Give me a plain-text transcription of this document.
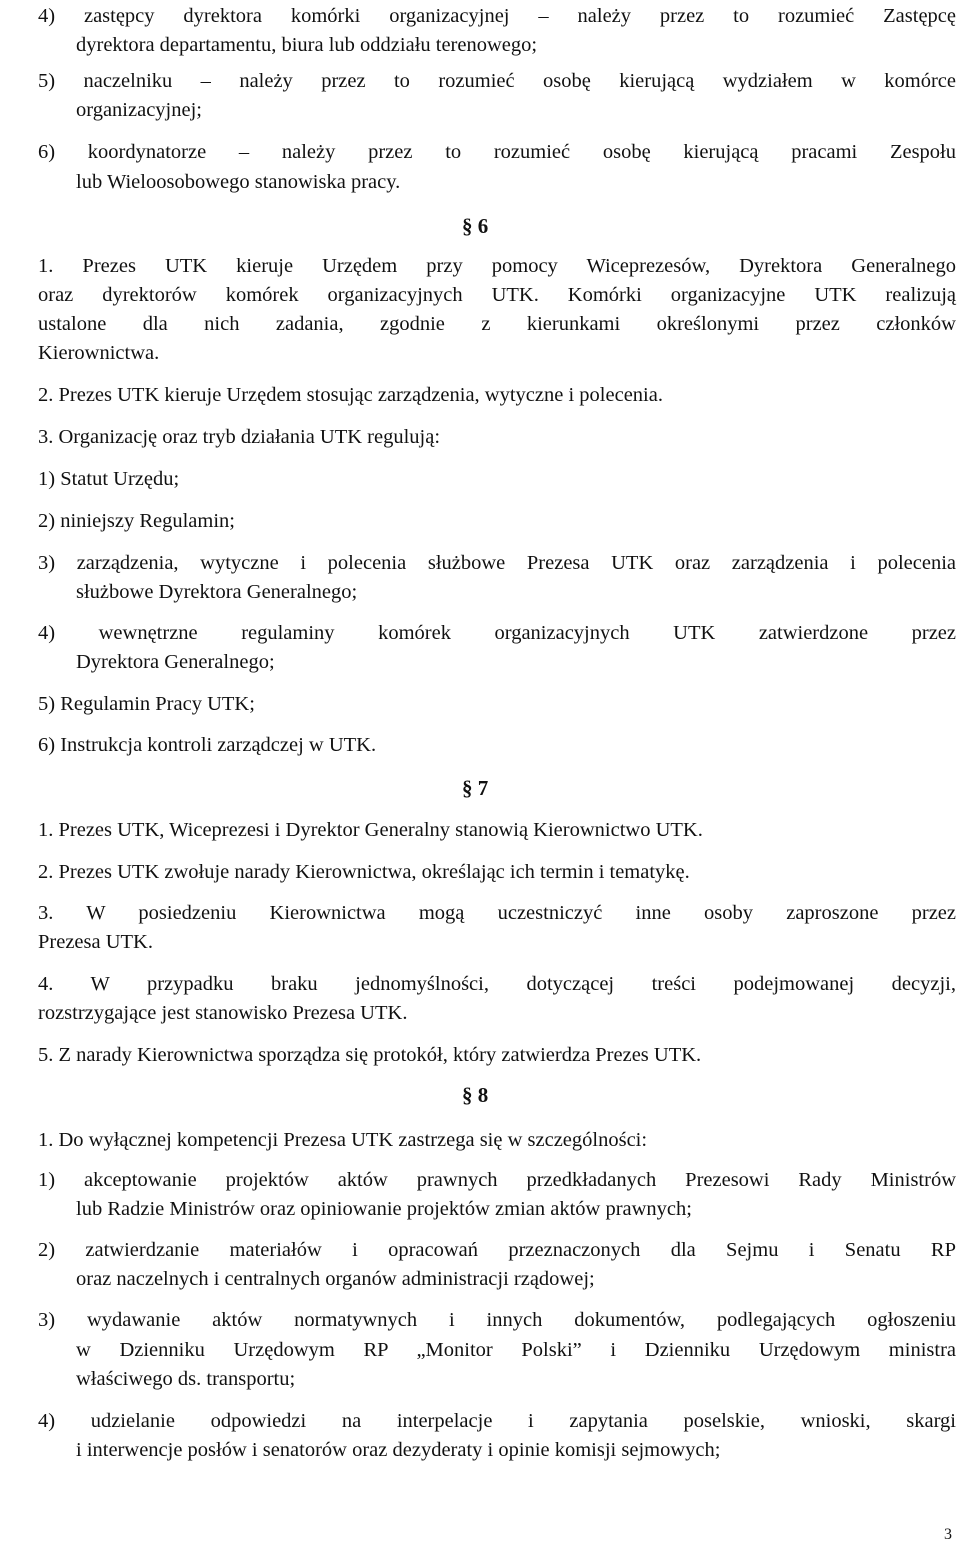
4) zastępcy dyrektora komórki organizacyjnej – należy przez to rozumieć Zastępcę
dyrektora departamentu, biura lub oddziału terenowego;
5) naczelniku – należy przez to rozumieć osobę kierującą wydziałem w komórce
organizacyjnej;
6) koordynatorze – należy przez to rozumieć osobę kierującą pracami Zespołu
lub Wieloosobowego stanowiska pracy.
1. Prezes UTK kieruje Urzędem przy pomocy Wiceprezesów, Dyrektora Generalnego
oraz dyrektorów komórek organizacyjnych UTK. Komórki organizacyjne UTK realizują
ustalone dla nich zadania, zgodnie z kierunkami określonymi przez członków
Kierownictwa.
2. Prezes UTK kieruje Urzędem stosując zarządzenia, wytyczne i polecenia.
3. Organizację oraz tryb działania UTK regulują:
1) Statut Urzędu;
2) niniejszy Regulamin;
3) zarządzenia, wytyczne i polecenia służbowe Prezesa UTK oraz zarządzenia i polecenia
służbowe Dyrektora Generalnego;
4) wewnętrzne regulaminy komórek organizacyjnych UTK zatwierdzone przez
Dyrektora Generalnego;
5) Regulamin Pracy UTK;
6) Instrukcja kontroli zarządczej w UTK.
1. Prezes UTK, Wiceprezesi i Dyrektor Generalny stanowią Kierownictwo UTK.
2. Prezes UTK zwołuje narady Kierownictwa, określając ich termin i tematykę.
3. W posiedzeniu Kierownictwa mogą uczestniczyć inne osoby zaproszone przez
Prezesa UTK.
4. W przypadku braku jednomyślności, dotyczącej treści podejmowanej decyzji,
rozstrzygające jest stanowisko Prezesa UTK.
5. Z narady Kierownictwa sporządza się protokół, który zatwierdza Prezes UTK.
1. Do wyłącznej kompetencji Prezesa UTK zastrzega się w szczególności:
1) akceptowanie projektów aktów prawnych przedkładanych Prezesowi Rady Ministrów
lub Radzie Ministrów oraz opiniowanie projektów zmian aktów prawnych;
2) zatwierdzanie materiałów i opracowań przeznaczonych dla Sejmu i Senatu RP
oraz naczelnych i centralnych organów administracji rządowej;
3) wydawanie aktów normatywnych i innych dokumentów, podlegających ogłoszeniu
w Dzienniku Urzędowym RP „Monitor Polski” i Dzienniku Urzędowym ministra
właściwego ds. transportu;
4) udzielanie odpowiedzi na interpelacje i zapytania poselskie, wnioski, skargi
i interwencje posłów i senatorów oraz dezyderaty i opinie komisji sejmowych;
§ 6
§ 7
§ 8
3
